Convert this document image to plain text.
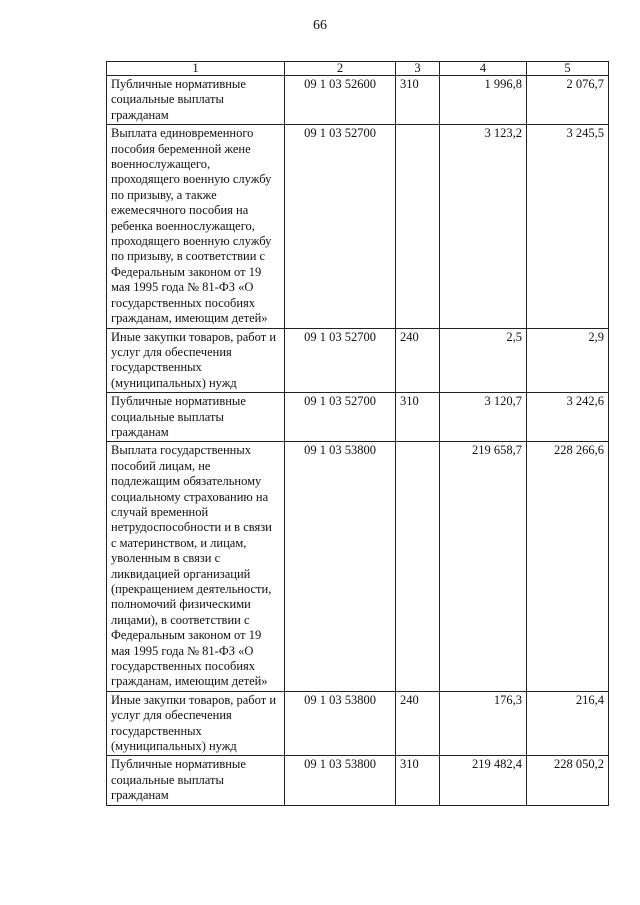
66
1	2	3	4	5
Публичные нормативные социальные выплаты гражданам	09 1 03 52600	310	1 996,8	2 076,7
Выплата единовременного пособия беременной жене военнослужащего, проходящего военную службу по призыву, а также ежемесячного пособия на ребенка военнослужащего, проходящего военную службу по призыву, в соответствии с Федеральным законом от 19 мая 1995 года № 81-ФЗ «О государственных пособиях гражданам, имеющим детей»	09 1 03 52700		3 123,2	3 245,5
Иные закупки товаров, работ и услуг для обеспечения государственных (муниципальных) нужд	09 1 03 52700	240	2,5	2,9
Публичные нормативные социальные выплаты гражданам	09 1 03 52700	310	3 120,7	3 242,6
Выплата государственных пособий лицам, не подлежащим обязательному социальному страхованию на случай временной нетрудоспособности и в связи с материнством, и лицам, уволенным в связи с ликвидацией организаций (прекращением деятельности, полномочий физическими лицами), в соответствии с Федеральным законом от 19 мая 1995 года № 81-ФЗ «О государственных пособиях гражданам, имеющим детей»	09 1 03 53800		219 658,7	228 266,6
Иные закупки товаров, работ и услуг для обеспечения государственных (муниципальных) нужд	09 1 03 53800	240	176,3	216,4
Публичные нормативные социальные выплаты гражданам	09 1 03 53800	310	219 482,4	228 050,2
